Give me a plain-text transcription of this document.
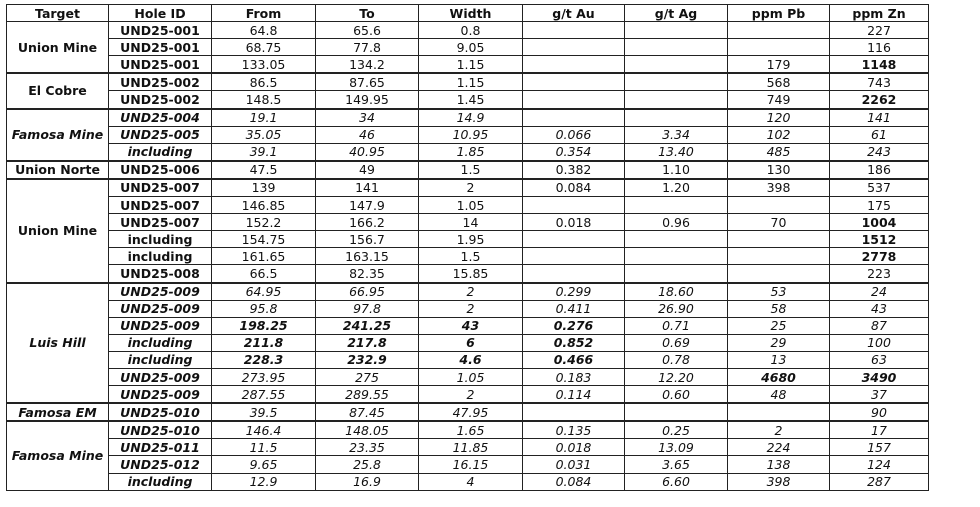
Target	Hole ID	From	To	Width	g/t Au	g/t Ag	ppm Pb	ppm Zn
Union Mine	UND25-001	64.8	65.6	0.8				227
	UND25-001	68.75	77.8	9.05				116
	UND25-001	133.05	134.2	1.15			179	1148
El Cobre	UND25-002	86.5	87.65	1.15			568	743
	UND25-002	148.5	149.95	1.45			749	2262
Famosa Mine	UND25-004	19.1	34	14.9			120	141
	UND25-005	35.05	46	10.95	0.066	3.34	102	61
	including	39.1	40.95	1.85	0.354	13.40	485	243
Union Norte	UND25-006	47.5	49	1.5	0.382	1.10	130	186
Union Mine	UND25-007	139	141	2	0.084	1.20	398	537
	UND25-007	146.85	147.9	1.05				175
	UND25-007	152.2	166.2	14	0.018	0.96	70	1004
	including	154.75	156.7	1.95				1512
	including	161.65	163.15	1.5				2778
	UND25-008	66.5	82.35	15.85				223
Luis Hill	UND25-009	64.95	66.95	2	0.299	18.60	53	24
	UND25-009	95.8	97.8	2	0.411	26.90	58	43
	UND25-009	198.25	241.25	43	0.276	0.71	25	87
	including	211.8	217.8	6	0.852	0.69	29	100
	including	228.3	232.9	4.6	0.466	0.78	13	63
	UND25-009	273.95	275	1.05	0.183	12.20	4680	3490
	UND25-009	287.55	289.55	2	0.114	0.60	48	37
Famosa EM	UND25-010	39.5	87.45	47.95				90
Famosa Mine	UND25-010	146.4	148.05	1.65	0.135	0.25	2	17
	UND25-011	11.5	23.35	11.85	0.018	13.09	224	157
	UND25-012	9.65	25.8	16.15	0.031	3.65	138	124
	including	12.9	16.9	4	0.084	6.60	398	287
